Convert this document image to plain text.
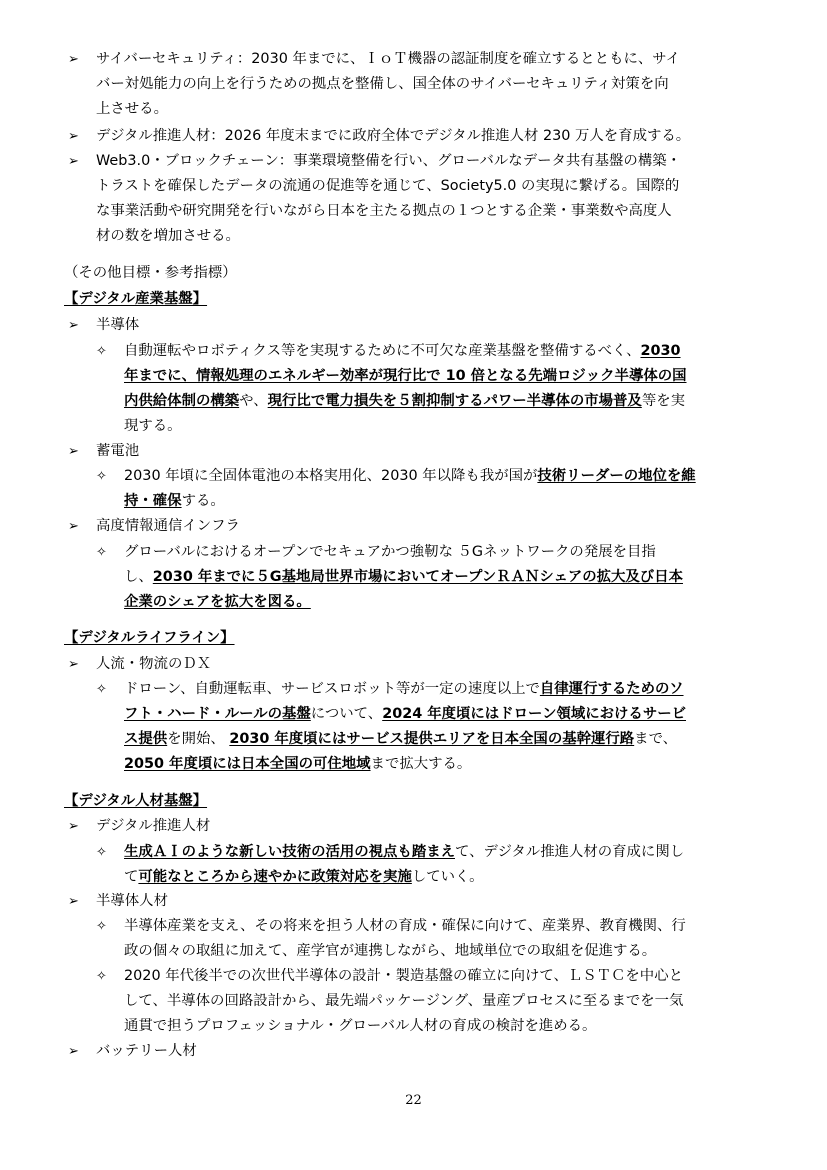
➢ サイバーセキュリティ：2030 年までに、ＩｏＴ機器の認証制度を確立するとともに、サイ
バー対処能力の向上を行うための拠点を整備し、国全体のサイバーセキュリティ対策を向
上させる。
➢ デジタル推進人材：2026 年度末までに政府全体でデジタル推進人材 230 万人を育成する。
➢ Web3.0・ブロックチェーン：事業環境整備を行い、グローバルなデータ共有基盤の構築・
トラストを確保したデータの流通の促進等を通じて、Society5.0 の実現に繋げる。国際的
な事業活動や研究開発を行いながら日本を主たる拠点の１つとする企業・事業数や高度人
材の数を増加させる。
（その他目標・参考指標）
【デジタル産業基盤】
➢ 半導体
✧ 自動運転やロボティクス等を実現するために不可欠な産業基盤を整備するべく、2030
年までに、情報処理のエネルギー効率が現行比で 10 倍となる先端ロジック半導体の国
内供給体制の構築や、現行比で電力損失を５割抑制するパワー半導体の市場普及等を実
現する。
➢ 蓄電池
✧ 2030 年頃に全固体電池の本格実用化、2030 年以降も我が国が技術リーダーの地位を維
持・確保する。
➢ 高度情報通信インフラ
✧ グローバルにおけるオープンでセキュアかつ強靭な ５Gネットワークの発展を目指
し、2030 年までに５G基地局世界市場においてオープンＲＡＮシェアの拡大及び日本
企業のシェアを拡大を図る。
【デジタルライフライン】
➢ 人流・物流のＤＸ
✧ ドローン、自動運転車、サービスロボット等が一定の速度以上で自律運行するためのソ
フト・ハード・ルールの基盤について、2024 年度頃にはドローン領域におけるサービ
ス提供を開始、 2030 年度頃にはサービス提供エリアを日本全国の基幹運行路まで、
2050 年度頃には日本全国の可住地域まで拡大する。
【デジタル人材基盤】
➢ デジタル推進人材
✧ 生成ＡＩのような新しい技術の活用の視点も踏まえて、デジタル推進人材の育成に関し
て可能なところから速やかに政策対応を実施していく。
➢ 半導体人材
✧ 半導体産業を支え、その将来を担う人材の育成・確保に向けて、産業界、教育機関、行
政の個々の取組に加えて、産学官が連携しながら、地域単位での取組を促進する。
✧ 2020 年代後半での次世代半導体の設計・製造基盤の確立に向けて、ＬＳＴＣを中心と
して、半導体の回路設計から、最先端パッケージング、量産プロセスに至るまでを一気
通貫で担うプロフェッショナル・グローバル人材の育成の検討を進める。
➢ バッテリー人材
22
